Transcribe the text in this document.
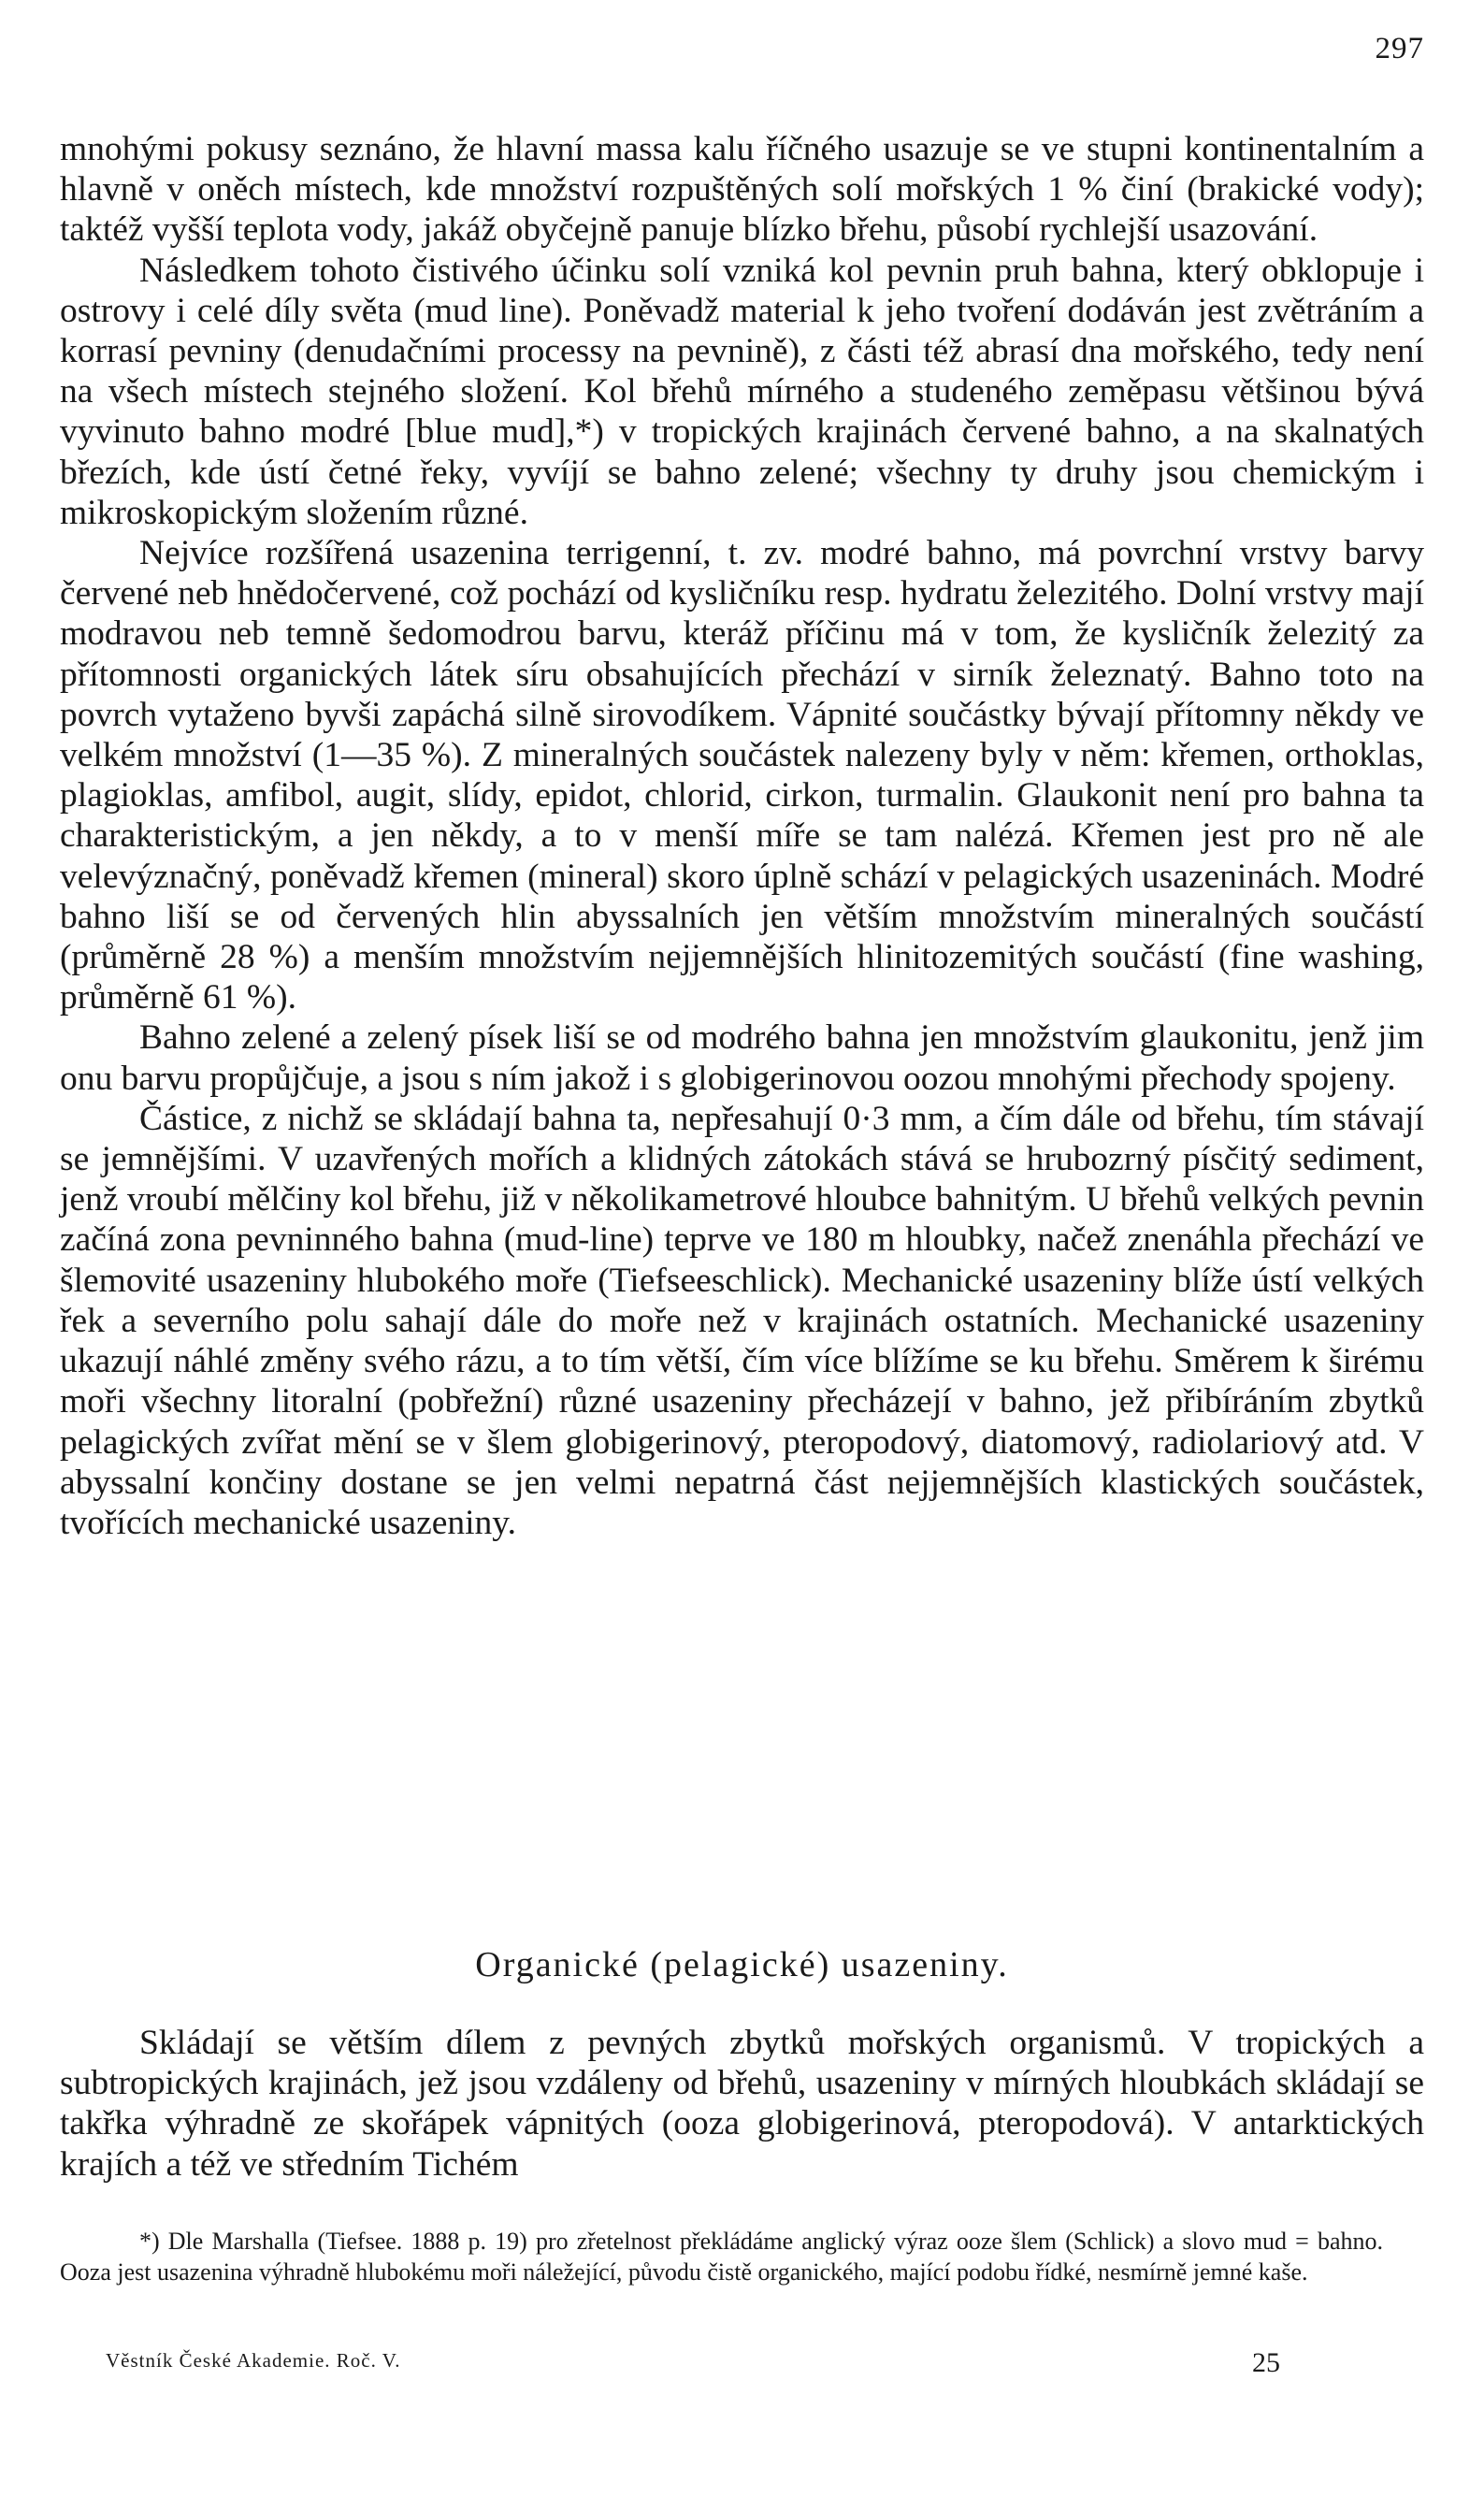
297

mnohými pokusy seznáno, že hlavní massa kalu říčného usazuje se ve stupni kontinentalním a hlavně v oněch místech, kde množství rozpuštěných solí mořských 1 % činí (brakické vody); taktéž vyšší teplota vody, jakáž obyčejně panuje blízko břehu, působí rychlejší usazování.

Následkem tohoto čistivého účinku solí vzniká kol pevnin pruh bahna, který obklopuje i ostrovy i celé díly světa (mud line). Poněvadž material k jeho tvoření dodáván jest zvětráním a korrasí pevniny (denudačními processy na pevnině), z části též abrasí dna mořského, tedy není na všech místech stejného složení. Kol břehů mírného a studeného zeměpasu většinou bývá vyvinuto bahno modré [blue mud],*) v tropických krajinách červené bahno, a na skalnatých březích, kde ústí četné řeky, vyvíjí se bahno zelené; všechny ty druhy jsou chemickým i mikroskopickým složením různé.

Nejvíce rozšířená usazenina terrigenní, t. zv. modré bahno, má povrchní vrstvy barvy červené neb hnědočervené, což pochází od kysličníku resp. hydratu železitého. Dolní vrstvy mají modravou neb temně šedomodrou barvu, kteráž příčinu má v tom, že kysličník železitý za přítomnosti organických látek síru obsahujících přechází v sirník železnatý. Bahno toto na povrch vytaženo byvši zapáchá silně sirovodíkem. Vápnité součástky bývají přítomny někdy ve velkém množství (1—35 %). Z mineralných součástek nalezeny byly v něm: křemen, orthoklas, plagioklas, amfibol, augit, slídy, epidot, chlorid, cirkon, turmalin. Glaukonit není pro bahna ta charakteristickým, a jen někdy, a to v menší míře se tam nalézá. Křemen jest pro ně ale velevýznačný, poněvadž křemen (mineral) skoro úplně schází v pelagických usazeninách. Modré bahno liší se od červených hlin abyssalních jen větším množstvím mineralných součástí (průměrně 28 %) a menším množstvím nejjemnějších hlinitozemitých součástí (fine washing, průměrně 61 %).

Bahno zelené a zelený písek liší se od modrého bahna jen množstvím glaukonitu, jenž jim onu barvu propůjčuje, a jsou s ním jakož i s globigerinovou oozou mnohými přechody spojeny.

Částice, z nichž se skládají bahna ta, nepřesahují 0·3 mm, a čím dále od břehu, tím stávají se jemnějšími. V uzavřených mořích a klidných zátokách stává se hrubozrný písčitý sediment, jenž vroubí mělčiny kol břehu, již v několikametrové hloubce bahnitým. U břehů velkých pevnin začíná zona pevninného bahna (mud-line) teprve ve 180 m hloubky, načež znenáhla přechází ve šlemovité usazeniny hlubokého moře (Tiefseeschlick). Mechanické usazeniny blíže ústí velkých řek a severního polu sahají dále do moře než v krajinách ostatních. Mechanické usazeniny ukazují náhlé změny svého rázu, a to tím větší, čím více blížíme se ku břehu. Směrem k širému moři všechny litoralní (pobřežní) různé usazeniny přecházejí v bahno, jež přibíráním zbytků pelagických zvířat mění se v šlem globigerinový, pteropodový, diatomový, radiolariový atd. V abyssalní končiny dostane se jen velmi nepatrná část nejjemnějších klastických součástek, tvořících mechanické usazeniny.

Organické (pelagické) usazeniny.

Skládají se větším dílem z pevných zbytků mořských organismů. V tropických a subtropických krajinách, jež jsou vzdáleny od břehů, usazeniny v mírných hloubkách skládají se takřka výhradně ze skořápek vápnitých (ooza globigerinová, pteropodová). V antarktických krajích a též ve středním Tichém

*) Dle Marshalla (Tiefsee. 1888 p. 19) pro zřetelnost překládáme anglický výraz ooze šlem (Schlick) a slovo mud = bahno. Ooza jest usazenina výhradně hlubokému moři náležející, původu čistě organického, mající podobu řídké, nesmírně jemné kaše.

Věstník České Akademie. Roč. V.	25
